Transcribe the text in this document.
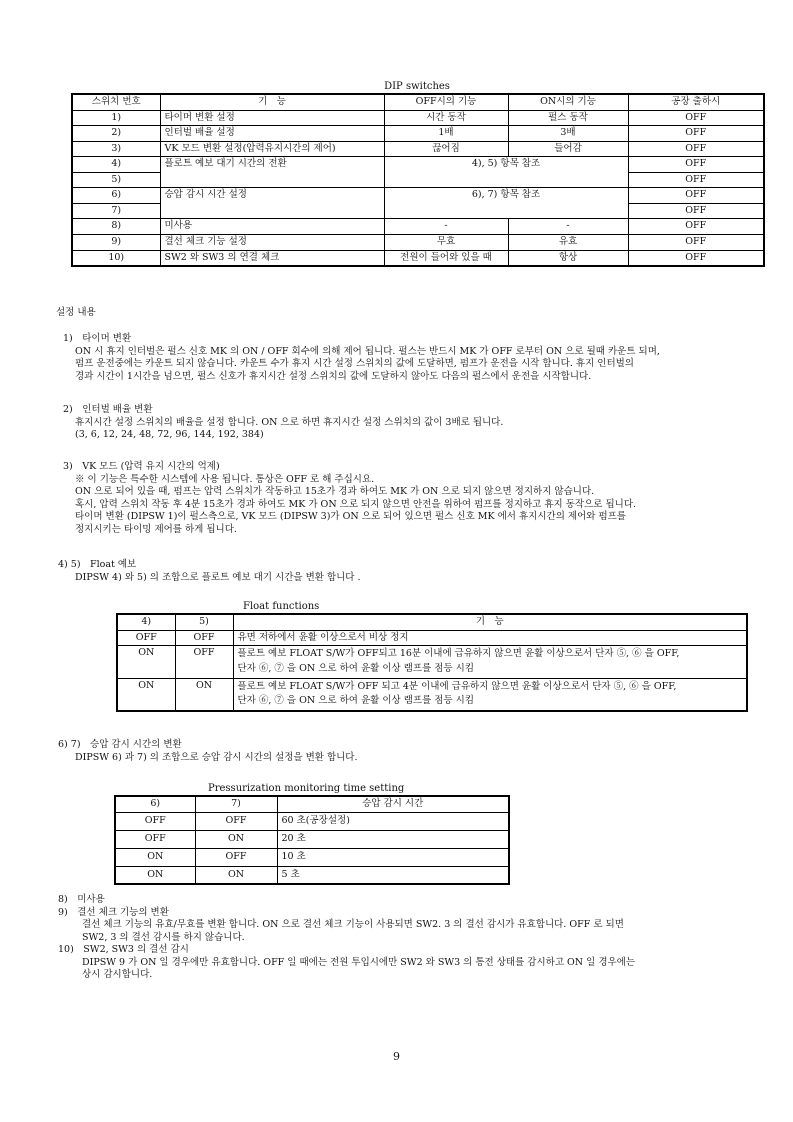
DIP switches

스위치 번호	기　능	OFF시의 기능	ON시의 기능	공장 출하시
1)	타이머 변환 설정	시간 동작	펄스 동작	OFF
2)	인터벌 배율 설정	1배	3배	OFF
3)	VK 모드 변환 설정(압력유지시간의 제어)	끊어짐	들어감	OFF
4)	플로트 예보 대기 시간의 전환	4), 5) 항목 참조		OFF
5)				OFF
6)	승압 감시 시간 설정	6), 7) 항목 참조		OFF
7)				OFF
8)	미사용	-	-	OFF
9)	결선 체크 기능 설정	무효	유효	OFF
10)	SW2 와 SW3 의 연결 체크	전원이 들어와 있을 때	항상	OFF
설정 내용

1)　타이머 변환

ON 시 휴지 인터벌은 펄스 신호 MK 의 ON / OFF 회수에 의해 제어 됩니다. 펄스는 반드시 MK 가 OFF 로부터 ON 으로 될때 카운트 되며,

펌프 운전중에는 카운트 되지 않습니다. 카운트 수가 휴지 시간 설정 스위치의 값에 도달하면, 펌프가 운전을 시작 합니다. 휴지 인터벌의

경과 시간이 1시간을 넘으면, 펄스 신호가 휴지시간 설정 스위치의 값에 도달하지 않아도 다음의 펄스에서 운전을 시작합니다.

2)　인터벌 배율 변환

휴지시간 설정 스위치의 배율을 설정 합니다. ON 으로 하면 휴지시간 설정 스위치의 값이 3배로 됩니다.

(3, 6, 12, 24, 48, 72, 96, 144, 192, 384)

3)　VK 모드 (압력 유지 시간의 억제)

※ 이 기능은 특수한 시스템에 사용 됩니다. 통상은 OFF 로 해 주십시요.

ON 으로 되어 있을 때, 펌프는 압력 스위치가 작동하고 15초가 경과 하여도 MK 가 ON 으로 되지 않으면 정지하지 않습니다.

혹시, 압력 스위치 작동 후 4분 15초가 경과 하여도 MK 가 ON 으로 되지 않으면 안전을 위하여 펌프를 정지하고 휴지 동작으로 됩니다.

타이머 변환 (DIPSW 1)이 펄스측으로, VK 모드 (DIPSW 3)가 ON 으로 되어 있으면 펄스 신호 MK 에서 휴지시간의 제어와 펌프를

정지시키는 타이밍 제어를 하게 됩니다.

4) 5)　Float 예보

DIPSW 4) 와 5) 의 조합으로 플로트 예보 대기 시간을 변환 합니다 .

Float functions

4)	5)	기　능
OFF	OFF	유면 저하에서 윤활 이상으로서 비상 정지
ON	OFF	플로트 예보 FLOAT S/W가 OFF되고 16분 이내에 급유하지 않으면 윤활 이상으로서 단자 ⑤, ⑥ 을 OFF,
단자 ⑥, ⑦ 을 ON 으로 하여 윤활 이상 램프를 점등 시킴

ON	ON	플로트 예보 FLOAT S/W가 OFF 되고 4분 이내에 급유하지 않으면 윤활 이상으로서 단자 ⑤, ⑥ 을 OFF,
단자 ⑥, ⑦ 을 ON 으로 하여 윤활 이상 램프를 점등 시킴

6) 7)　승압 감시 시간의 변환

DIPSW 6) 과 7) 의 조합으로 승압 감시 시간의 설정을 변환 합니다.

Pressurization monitoring time setting

6)	7)	승압 감시 시간
OFF	OFF	60 초(공장설정)
OFF	ON	20 초
ON	OFF	10 초
ON	ON	5 초

8)　미사용

9)　결선 체크 기능의 변환

결선 체크 기능의 유효/무효를 변환 합니다. ON 으로 결선 체크 기능이 사용되면 SW2. 3 의 결선 감시가 유효합니다. OFF 로 되면

SW2, 3 의 결선 감시를 하지 않습니다.

10)　SW2, SW3 의 결선 감시

DIPSW 9 가 ON 일 경우에만 유효합니다. OFF 일 때에는 전원 투입시에만 SW2 와 SW3 의 통전 상태를 감시하고 ON 일 경우에는

상시 감시합니다.

9
